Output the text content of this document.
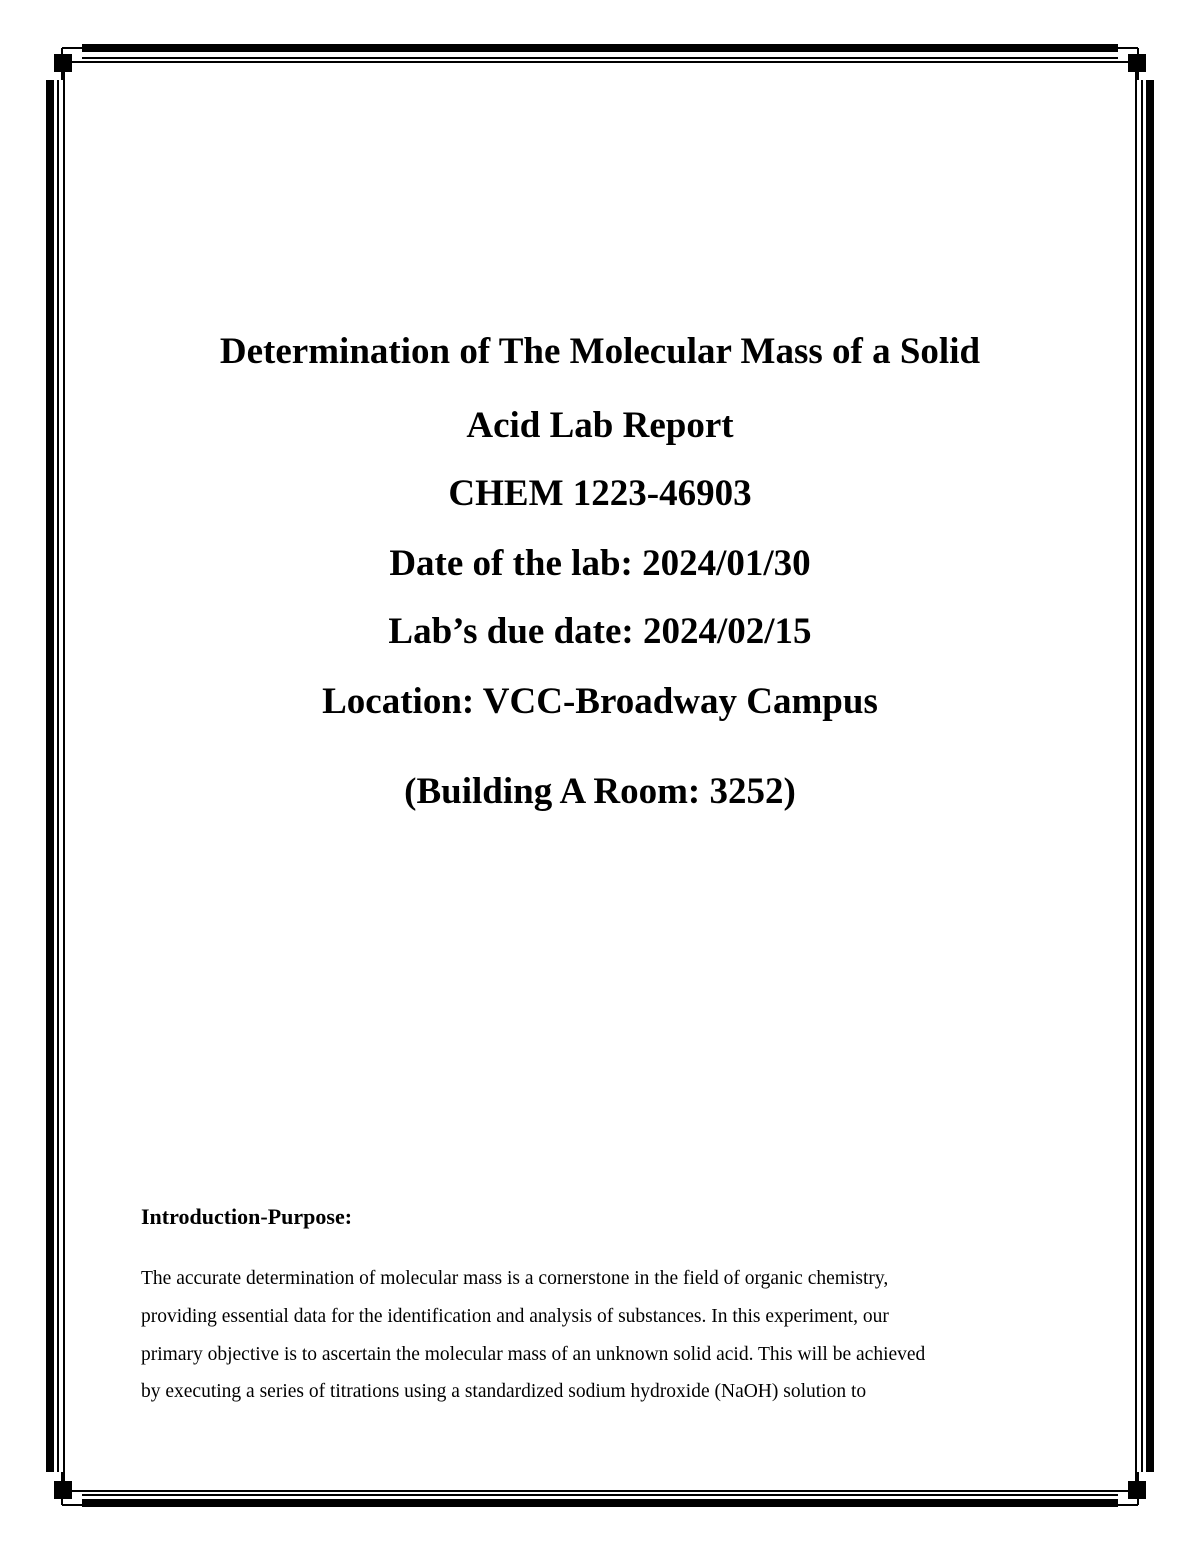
Determination of The Molecular Mass of a Solid
Acid Lab Report
CHEM 1223-46903
Date of the lab: 2024/01/30
Lab’s due date: 2024/02/15
Location: VCC-Broadway Campus
(Building A Room: 3252)
Introduction-Purpose:
The accurate determination of molecular mass is a cornerstone in the field of organic chemistry,
providing essential data for the identification and analysis of substances. In this experiment, our
primary objective is to ascertain the molecular mass of an unknown solid acid. This will be achieved
by executing a series of titrations using a standardized sodium hydroxide (NaOH) solution to
